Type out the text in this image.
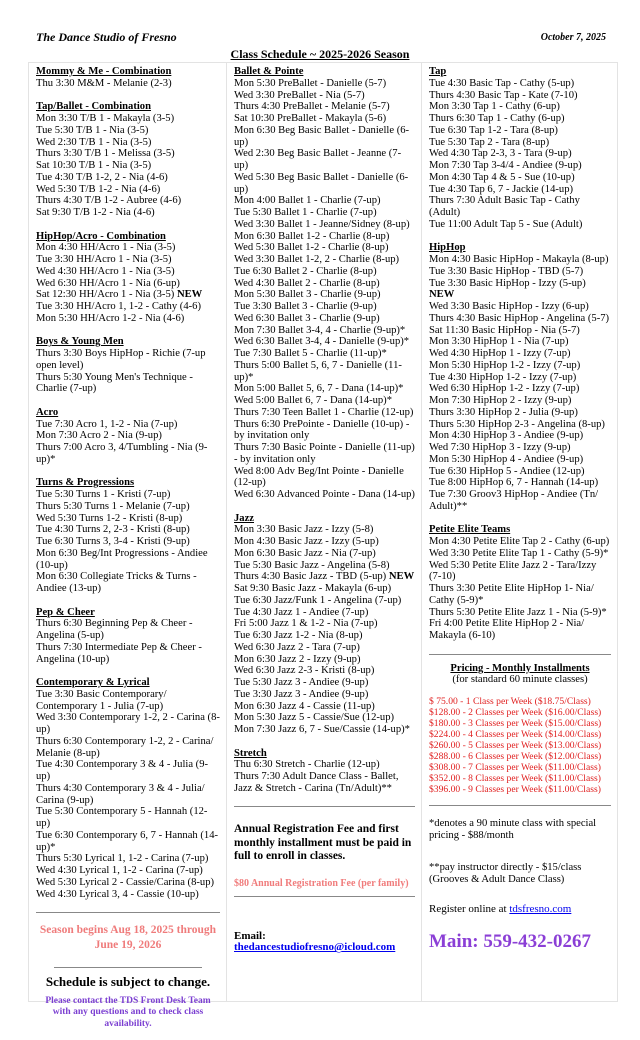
The Dance Studio of Fresno	October 7, 2025
Class Schedule ~ 2025-2026 Season
Mommy & Me - Combination
Thu 3:30 M&M - Melanie (2-3)
Tap/Ballet - Combination
Mon 3:30 T/B 1 - Makayla (3-5)
Tue 5:30 T/B 1 - Nia (3-5)
Wed 2:30 T/B 1 - Nia (3-5)
Thurs 3:30 T/B 1 - Melissa (3-5)
Sat 10:30 T/B 1 - Nia (3-5)
Tue 4:30 T/B 1-2, 2 - Nia (4-6)
Wed 5:30 T/B 1-2 - Nia (4-6)
Thurs 4:30 T/B 1-2 - Aubree (4-6)
Sat 9:30 T/B 1-2 - Nia (4-6)
HipHop/Acro - Combination
Mon 4:30 HH/Acro 1 - Nia (3-5)
Tue 3:30 HH/Acro 1 - Nia (3-5)
Wed 4:30 HH/Acro 1 - Nia (3-5)
Wed 6:30 HH/Acro 1 - Nia (6-up)
Sat 12:30 HH/Acro 1 - Nia (3-5) NEW
Tue 3:30 HH/Acro 1, 1-2 - Cathy (4-6)
Mon 5:30 HH/Acro 1-2 - Nia (4-6)
Boys & Young Men
Thurs 3:30 Boys HipHop - Richie (7-up open level)
Thurs 5:30 Young Men's Technique - Charlie (7-up)
Acro
Tue 7:30 Acro 1, 1-2 - Nia (7-up)
Mon 7:30 Acro 2 - Nia (9-up)
Thurs 7:00 Acro 3, 4/Tumbling - Nia (9-up)*
Turns & Progressions
Tue 5:30 Turns 1 - Kristi (7-up)
Thurs 5:30 Turns 1 - Melanie (7-up)
Wed 5:30 Turns 1-2 - Kristi (8-up)
Tue 4:30 Turns 2, 2-3 - Kristi (8-up)
Tue 6:30 Turns 3, 3-4 - Kristi (9-up)
Mon 6:30 Beg/Int Progressions - Andiee (10-up)
Mon 6:30 Collegiate Tricks & Turns - Andiee (13-up)
Pep & Cheer
Thurs 6:30 Beginning Pep & Cheer - Angelina (5-up)
Thurs 7:30 Intermediate Pep & Cheer - Angelina (10-up)
Contemporary & Lyrical
Tue 3:30 Basic Contemporary/ Contemporary 1 - Julia (7-up)
Wed 3:30 Contemporary 1-2, 2 - Carina (8-up)
Thurs 6:30 Contemporary 1-2, 2 - Carina/ Melanie (8-up)
Tue 4:30 Contemporary 3 & 4 - Julia (9-up)
Thurs 4:30 Contemporary 3 & 4 - Julia/ Carina (9-up)
Tue 5:30 Contemporary 5 - Hannah (12-up)
Tue 6:30 Contemporary 6, 7 - Hannah (14-up)*
Thurs 5:30 Lyrical 1, 1-2 - Carina (7-up)
Wed 4:30 Lyrical 1, 1-2 - Carina (7-up)
Wed 5:30 Lyrical 2 - Cassie/Carina (8-up)
Wed 4:30 Lyrical 3, 4 - Cassie (10-up)
Season begins Aug 18, 2025 through June 19, 2026
Schedule is subject to change.
Please contact the TDS Front Desk Team with any questions and to check class availability.
Ballet & Pointe
Mon 5:30 PreBallet - Danielle (5-7)
Wed 3:30 PreBallet - Nia (5-7)
Thurs 4:30 PreBallet - Melanie (5-7)
Sat 10:30 PreBallet - Makayla (5-6)
Mon 6:30 Beg Basic Ballet - Danielle (6-up)
Wed 2:30 Beg Basic Ballet - Jeanne (7-up)
Wed 5:30 Beg Basic Ballet - Danielle (6-up)
Mon 4:00 Ballet 1 - Charlie (7-up)
Tue 5:30 Ballet 1 - Charlie (7-up)
Wed 3:30 Ballet 1 - Jeanne/Sidney (8-up)
Mon 6:30 Ballet 1-2 - Charlie (8-up)
Wed 5:30 Ballet 1-2 - Charlie (8-up)
Wed 3:30 Ballet 1-2, 2 - Charlie (8-up)
Tue 6:30 Ballet 2 - Charlie (8-up)
Wed 4:30 Ballet 2 - Charlie (8-up)
Mon 5:30 Ballet 3 - Charlie (9-up)
Tue 3:30 Ballet 3 - Charlie (9-up)
Wed 6:30 Ballet 3 - Charlie (9-up)
Mon 7:30 Ballet 3-4, 4 - Charlie (9-up)*
Wed 6:30 Ballet 3-4, 4 - Danielle (9-up)*
Tue 7:30 Ballet 5 - Charlie (11-up)*
Thurs 5:00 Ballet 5, 6, 7 - Danielle (11-up)*
Mon 5:00 Ballet 5, 6, 7 - Dana (14-up)*
Wed 5:00 Ballet 6, 7 - Dana (14-up)*
Thurs 7:30 Teen Ballet 1 - Charlie (12-up)
Thurs 6:30 PrePointe - Danielle (10-up) - by invitation only
Thurs 7:30 Basic Pointe - Danielle (11-up) - by invitation only
Wed 8:00 Adv Beg/Int Pointe - Danielle (12-up)
Wed 6:30 Advanced Pointe - Dana (14-up)
Jazz
Mon 3:30 Basic Jazz - Izzy (5-8)
Mon 4:30 Basic Jazz - Izzy (5-up)
Mon 6:30 Basic Jazz - Nia (7-up)
Tue 5:30 Basic Jazz - Angelina (5-8)
Thurs 4:30 Basic Jazz - TBD (5-up) NEW
Sat 9:30 Basic Jazz - Makayla (6-up)
Tue 6:30 Jazz/Funk 1 - Angelina (7-up)
Tue 4:30 Jazz 1 - Andiee (7-up)
Fri 5:00 Jazz 1 & 1-2 - Nia (7-up)
Tue 6:30 Jazz 1-2 - Nia (8-up)
Wed 6:30 Jazz 2 - Tara (7-up)
Mon 6:30 Jazz 2 - Izzy (9-up)
Wed 6:30 Jazz 2-3 - Kristi (8-up)
Tue 5:30 Jazz 3 - Andiee (9-up)
Tue 3:30 Jazz 3 - Andiee (9-up)
Mon 6:30 Jazz 4 - Cassie (11-up)
Mon 5:30 Jazz 5 - Cassie/Sue (12-up)
Mon 7:30 Jazz 6, 7 - Sue/Cassie (14-up)*
Stretch
Thu 6:30 Stretch - Charlie (12-up)
Thurs 7:30 Adult Dance Class - Ballet, Jazz & Stretch - Carina (Tn/Adult)**
Annual Registration Fee and first monthly installment must be paid in full to enroll in classes.
$80 Annual Registration Fee (per family)
Email:
thedancestudiofresno@icloud.com
Tap
Tue 4:30 Basic Tap - Cathy (5-up)
Thurs 4:30 Basic Tap - Kate (7-10)
Mon 3:30 Tap 1 - Cathy (6-up)
Thurs 6:30 Tap 1 - Cathy (6-up)
Tue 6:30 Tap 1-2 - Tara (8-up)
Tue 5:30 Tap 2 - Tara (8-up)
Wed 4:30 Tap 2-3, 3 - Tara (9-up)
Mon 7:30 Tap 3-4/4 - Andiee (9-up)
Mon 4:30 Tap 4 & 5 - Sue (10-up)
Tue 4:30 Tap 6, 7 - Jackie (14-up)
Thurs 7:30 Adult Basic Tap - Cathy (Adult)
Tue 11:00 Adult Tap 5 - Sue (Adult)
HipHop
Mon 4:30 Basic HipHop - Makayla (8-up)
Tue 3:30 Basic HipHop - TBD (5-7)
Tue 3:30 Basic HipHop - Izzy (5-up) NEW
Wed 3:30 Basic HipHop - Izzy (6-up)
Thurs 4:30 Basic HipHop - Angelina (5-7)
Sat 11:30 Basic HipHop - Nia (5-7)
Mon 3:30 HipHop 1 - Nia (7-up)
Wed 4:30 HipHop 1 - Izzy (7-up)
Mon 5:30 HipHop 1-2 - Izzy (7-up)
Tue 4:30 HipHop 1-2 - Izzy (7-up)
Wed 6:30 HipHop 1-2 - Izzy (7-up)
Mon 7:30 HipHop 2 - Izzy (9-up)
Thurs 3:30 HipHop 2 - Julia (9-up)
Thurs 5:30 HipHop 2-3 - Angelina (8-up)
Mon 4:30 HipHop 3 - Andiee (9-up)
Wed 7:30 HipHop 3 - Izzy (9-up)
Mon 5:30 HipHop 4 - Andiee (9-up)
Tue 6:30 HipHop 5 - Andiee (12-up)
Tue 8:00 HipHop 6, 7 - Hannah (14-up)
Tue 7:30 Groov3 HipHop - Andiee (Tn/ Adult)**
Petite Elite Teams
Mon 4:30 Petite Elite Tap 2 - Cathy (6-up)
Wed 3:30 Petite Elite Tap 1 - Cathy (5-9)*
Wed 5:30 Petite Elite Jazz 2 - Tara/Izzy (7-10)
Thurs 3:30 Petite Elite HipHop 1- Nia/ Cathy (5-9)*
Thurs 5:30 Petite Elite Jazz 1 - Nia (5-9)*
Fri 4:00 Petite Elite HipHop 2 - Nia/ Makayla (6-10)
Pricing - Monthly Installments
(for standard 60 minute classes)
$ 75.00 - 1 Class per Week ($18.75/Class)
$128.00 - 2 Classes per Week ($16.00/Class)
$180.00 - 3 Classes per Week ($15.00/Class)
$224.00 - 4 Classes per Week ($14.00/Class)
$260.00 - 5 Classes per Week ($13.00/Class)
$288.00 - 6 Classes per Week ($12.00/Class)
$308.00 - 7 Classes per Week ($11.00/Class)
$352.00 - 8 Classes per Week ($11.00/Class)
$396.00 - 9 Classes per Week ($11.00/Class)
*denotes a 90 minute class with special pricing - $88/month
**pay instructor directly - $15/class (Grooves & Adult Dance Class)
Register online at tdsfresno.com
Main: 559-432-0267
